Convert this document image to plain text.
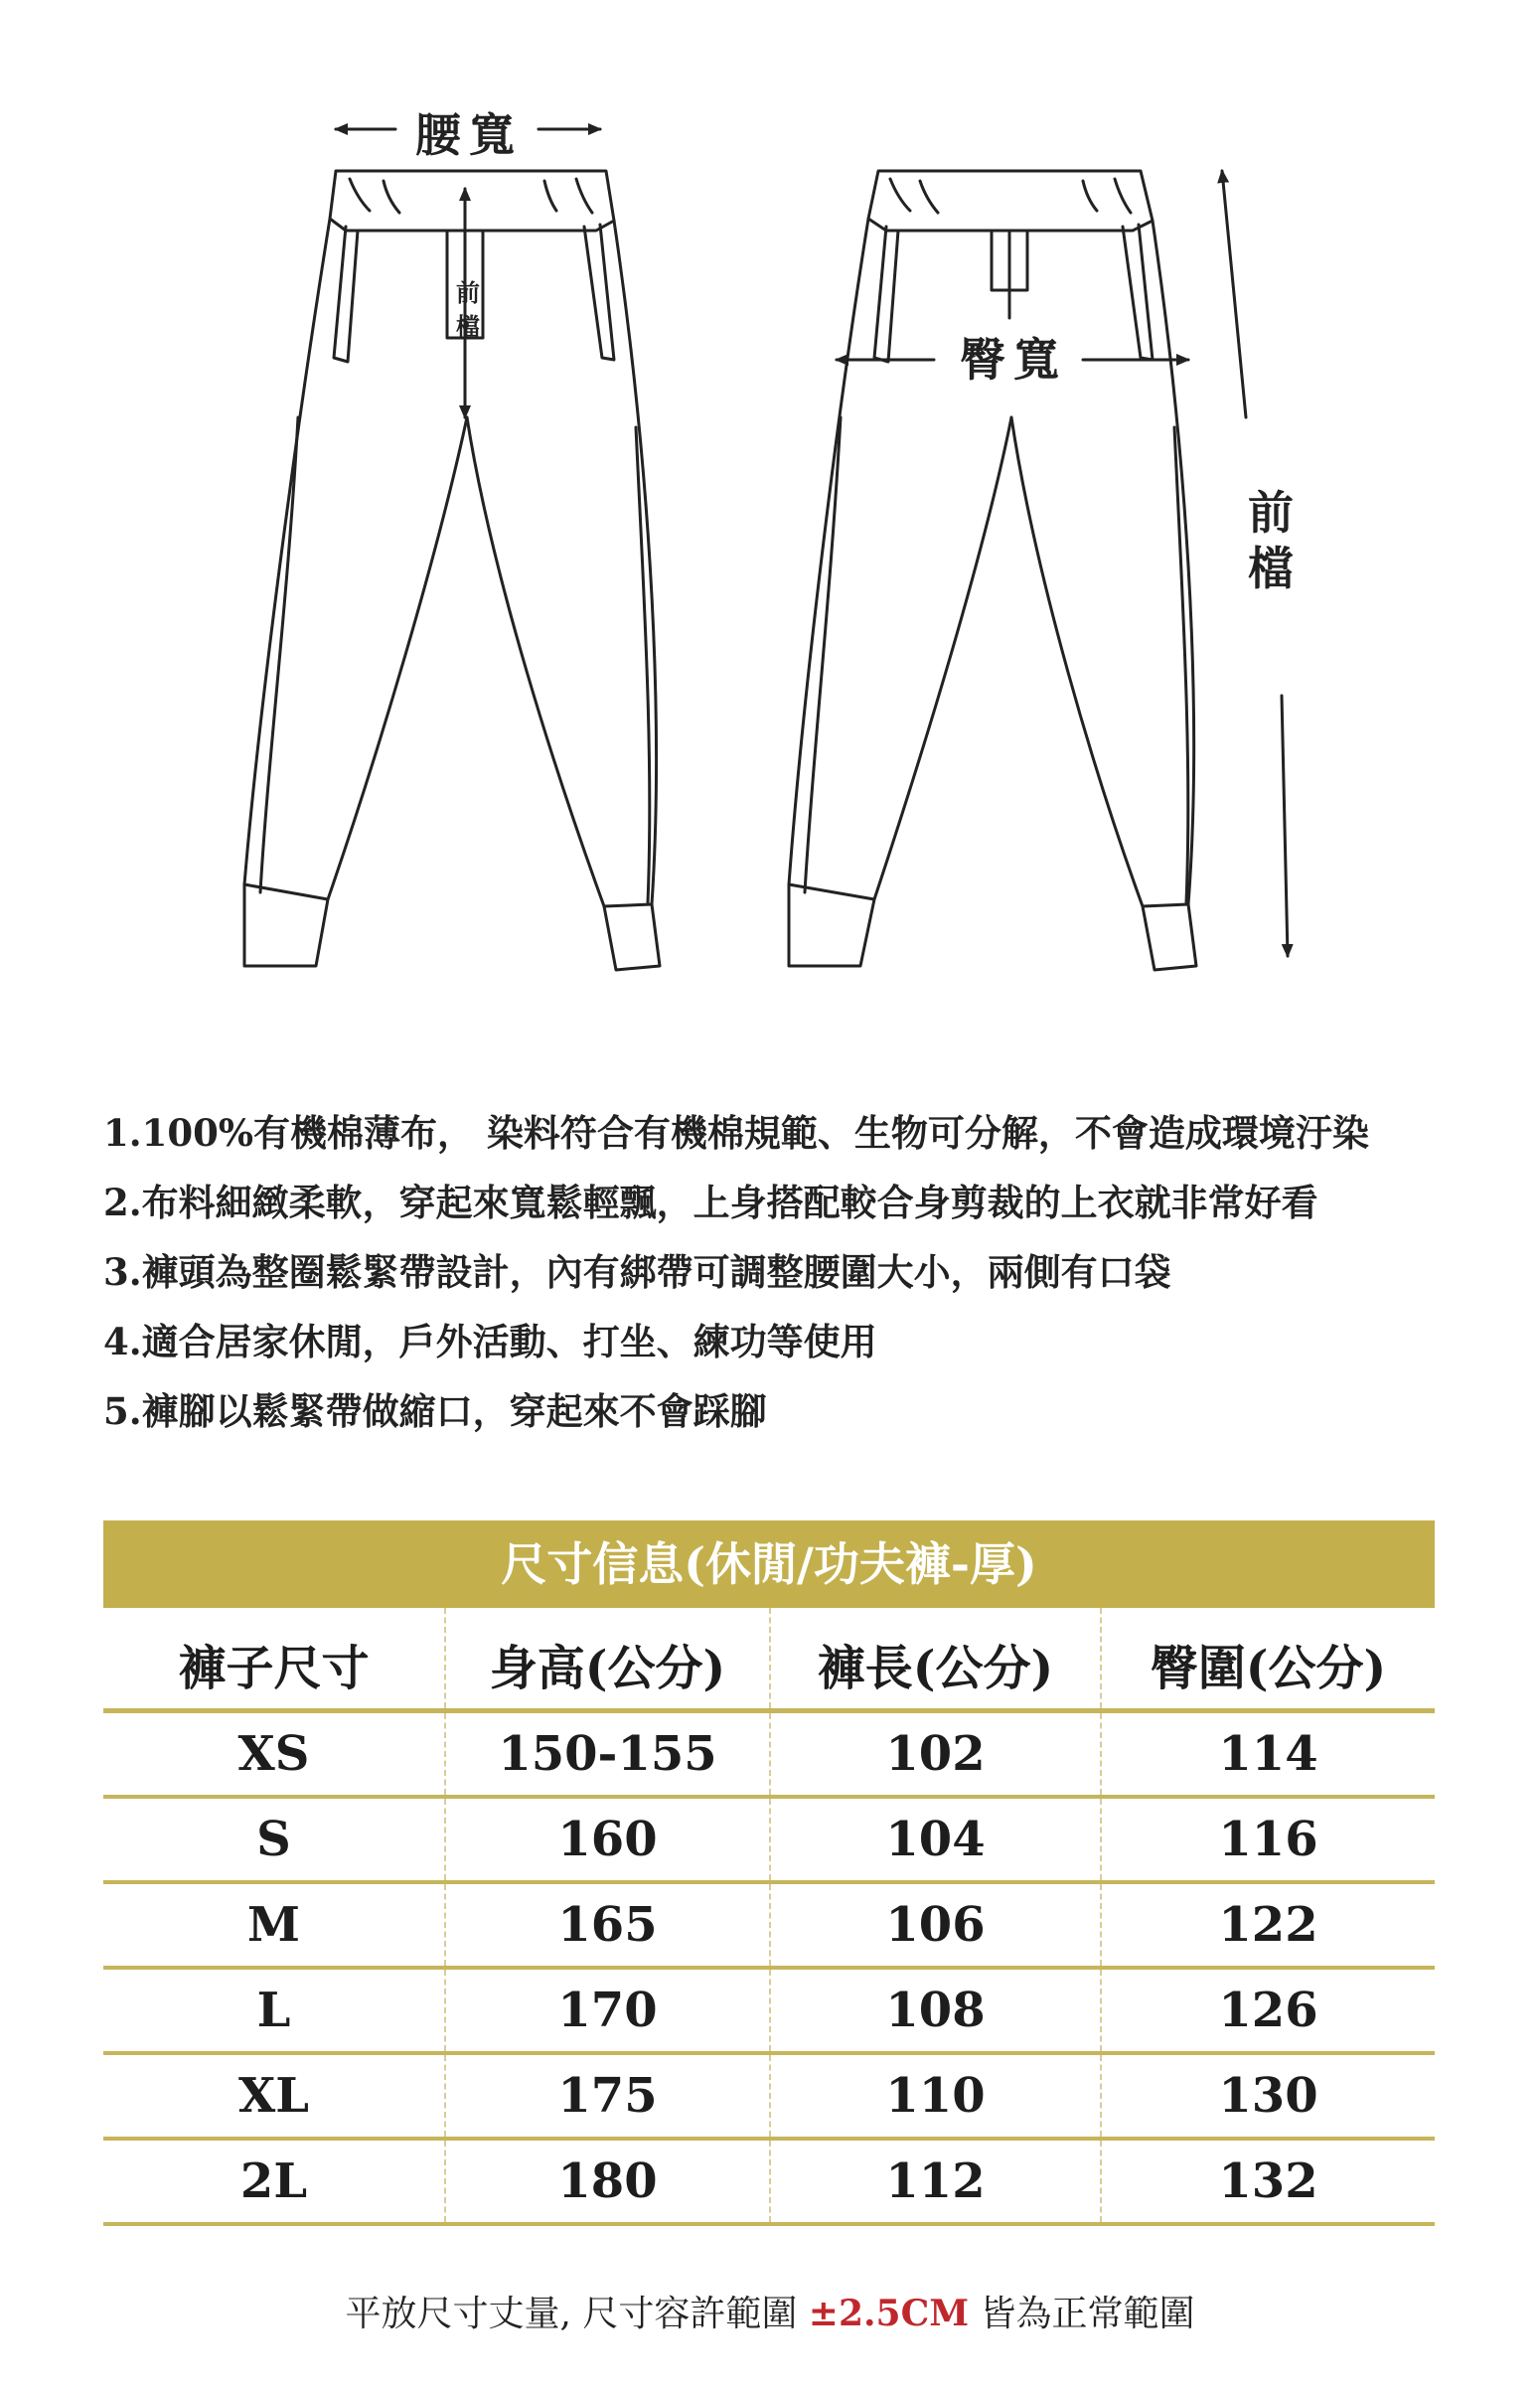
腰寬
臀寬
前
檔
前
檔
1.100%有機棉薄布， 染料符合有機棉規範、生物可分解，不會造成環境汙染
2.布料細緻柔軟，穿起來寬鬆輕飄，上身搭配較合身剪裁的上衣就非常好看
3.褲頭為整圈鬆緊帶設計，內有綁帶可調整腰圍大小，兩側有口袋
4.適合居家休閒，戶外活動、打坐、練功等使用
5.褲腳以鬆緊帶做縮口，穿起來不會踩腳
尺寸信息(休閒/功夫褲-厚)
褲子尺寸	身高(公分)	褲長(公分)	臀圍(公分)
XS	150-155	102	114
S	160	104	116
M	165	106	122
L	170	108	126
XL	175	110	130
2L	180	112	132
平放尺寸丈量, 尺寸容許範圍 ±2.5CM 皆為正常範圍
